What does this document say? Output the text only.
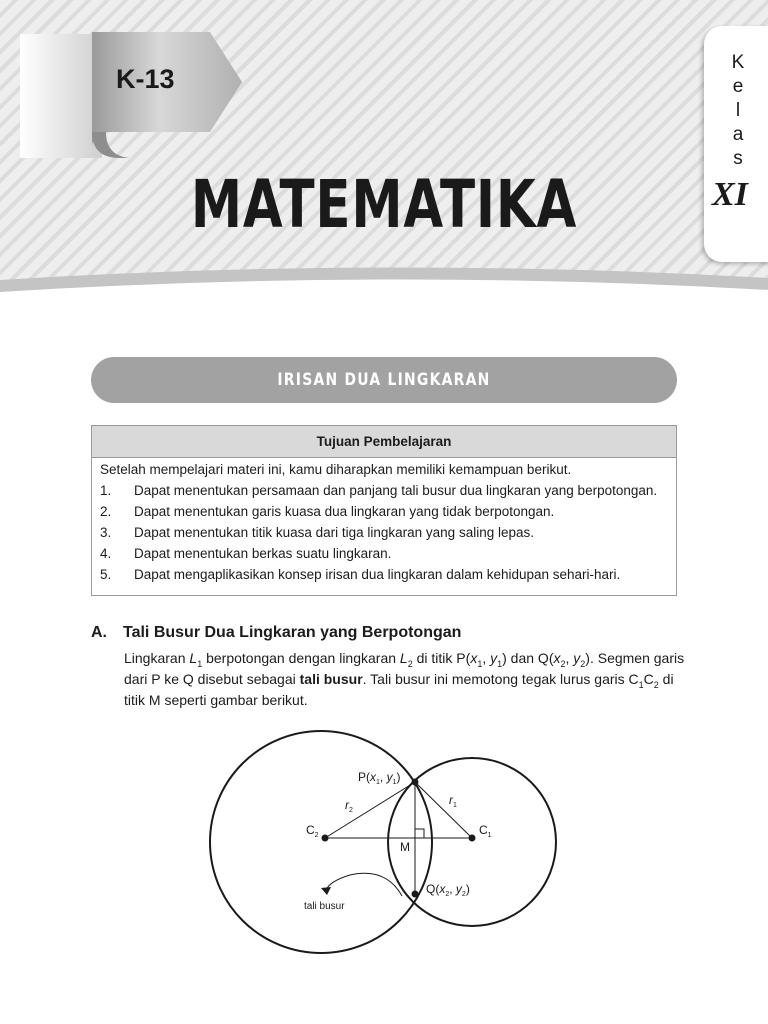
K-13
MATEMATIKA
K
e
l
a
s
XI
IRISAN DUA LINGKARAN
Tujuan Pembelajaran
Setelah mempelajari materi ini, kamu diharapkan memiliki kemampuan berikut.
1. Dapat menentukan persamaan dan panjang tali busur dua lingkaran yang berpotongan.
2. Dapat menentukan garis kuasa dua lingkaran yang tidak berpotongan.
3. Dapat menentukan titik kuasa dari tiga lingkaran yang saling lepas.
4. Dapat menentukan berkas suatu lingkaran.
5. Dapat mengaplikasikan konsep irisan dua lingkaran dalam kehidupan sehari-hari.
A. Tali Busur Dua Lingkaran yang Berpotongan
Lingkaran $L_1$ berpotongan dengan lingkaran $L_2$ di titik $P(x_1$, $y_1$) dan $Q(x_2$, $y_2$). Segmen garis
dari P ke Q disebut sebagai tali busur. Tali busur ini memotong tegak lurus garis $C_1C_2$ di
titik M seperti gambar berikut.
$P(x_1$, $y_1$)
$Q(x_2$, $y_2$)
$r_2$
$r_1$
$C_2$	$C_1$
M
tali busur
